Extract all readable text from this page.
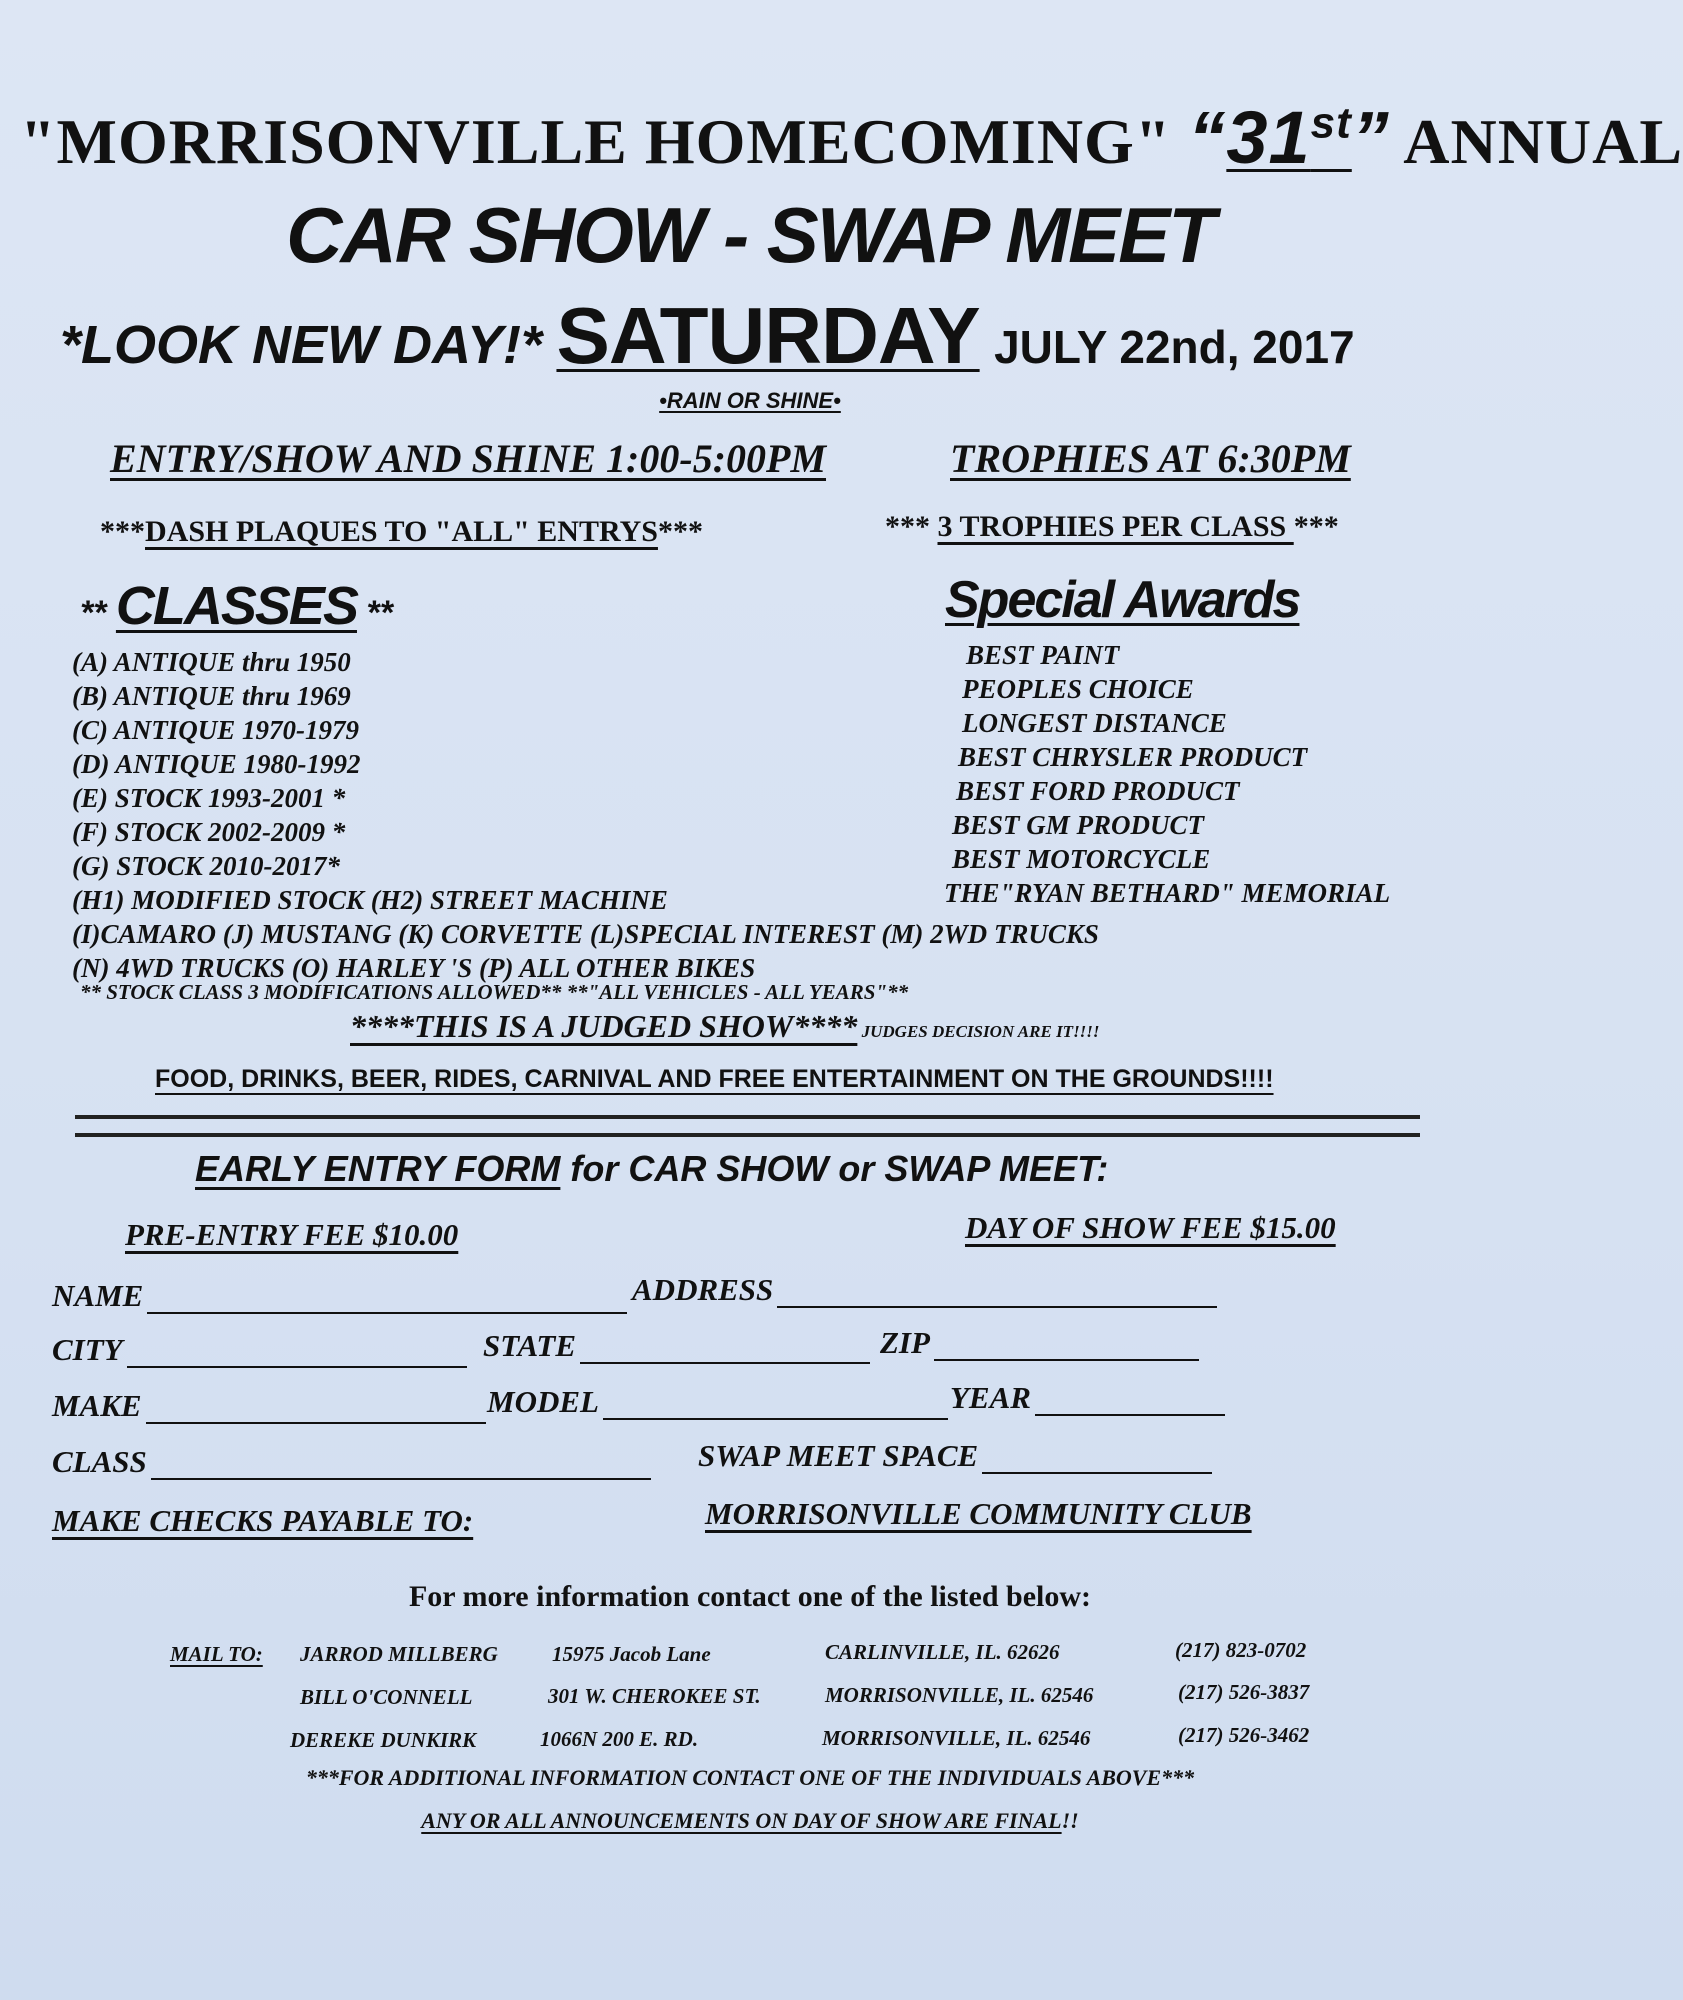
"MORRISONVILLE HOMECOMING" “31st” ANNUAL
CAR SHOW - SWAP MEET
*LOOK NEW DAY!* SATURDAY JULY 22nd, 2017
•RAIN OR SHINE•
ENTRY/SHOW AND SHINE 1:00-5:00PM	TROPHIES AT 6:30PM
***DASH PLAQUES TO "ALL" ENTRYS***	*** 3 TROPHIES PER CLASS ***
** CLASSES **
(A) ANTIQUE thru 1950
(B) ANTIQUE thru 1969
(C) ANTIQUE 1970-1979
(D) ANTIQUE 1980-1992
(E) STOCK 1993-2001 *
(F) STOCK 2002-2009 *
(G) STOCK 2010-2017*
(H1) MODIFIED STOCK (H2) STREET MACHINE
(I)CAMARO (J) MUSTANG (K) CORVETTE (L)SPECIAL INTEREST (M) 2WD TRUCKS
(N) 4WD TRUCKS (O) HARLEY 'S (P) ALL OTHER BIKES
Special Awards
BEST PAINT
PEOPLES CHOICE
LONGEST DISTANCE
BEST CHRYSLER PRODUCT
BEST FORD PRODUCT
BEST GM PRODUCT
BEST MOTORCYCLE
THE"RYAN BETHARD" MEMORIAL
** STOCK CLASS 3 MODIFICATIONS ALLOWED** **"ALL VEHICLES - ALL YEARS"**
****THIS IS A JUDGED SHOW**** JUDGES DECISION ARE IT!!!!
FOOD, DRINKS, BEER, RIDES, CARNIVAL AND FREE ENTERTAINMENT ON THE GROUNDS!!!!
EARLY ENTRY FORM for CAR SHOW or SWAP MEET:
PRE-ENTRY FEE $10.00	DAY OF SHOW FEE $15.00
NAME	ADDRESS
CITY	STATE	ZIP
MAKE	MODEL	YEAR
CLASS	SWAP MEET SPACE
MAKE CHECKS PAYABLE TO:	MORRISONVILLE COMMUNITY CLUB
For more information contact one of the listed below:
MAIL TO: JARROD MILLBERG	15975 Jacob Lane	CARLINVILLE, IL. 62626	(217) 823-0702
BILL O'CONNELL	301 W. CHEROKEE ST.	MORRISONVILLE, IL. 62546	(217) 526-3837
DEREKE DUNKIRK	1066N 200 E. RD.	MORRISONVILLE, IL. 62546	(217) 526-3462
***FOR ADDITIONAL INFORMATION CONTACT ONE OF THE INDIVIDUALS ABOVE***
ANY OR ALL ANNOUNCEMENTS ON DAY OF SHOW ARE FINAL!!
